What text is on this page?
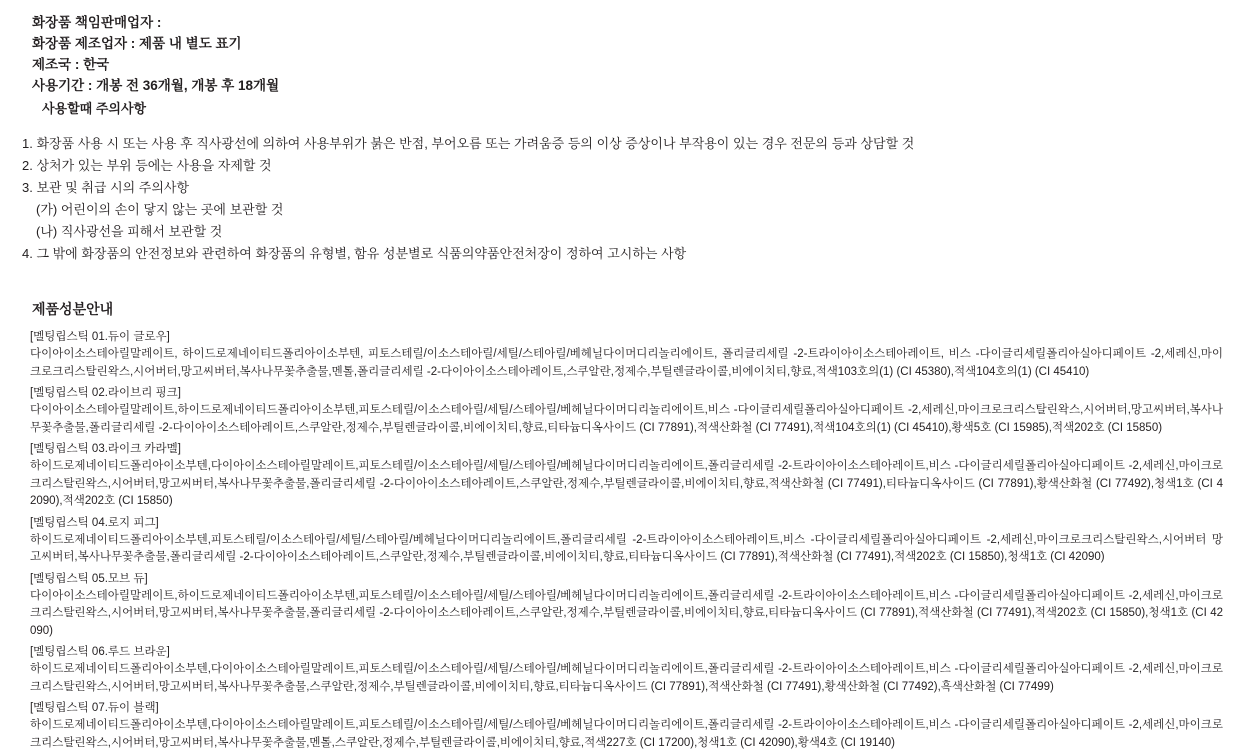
화장품 책임판매업자 :
화장품 제조업자 : 제품 내 별도 표기
제조국 : 한국
사용기간 : 개봉 전 36개월, 개봉 후 18개월
사용할때 주의사항
1. 화장품 사용 시 또는 사용 후 직사광선에 의하여 사용부위가 붉은 반점, 부어오름 또는 가려움증 등의 이상 증상이나 부작용이 있는 경우 전문의 등과 상담할 것
2. 상처가 있는 부위 등에는 사용을 자제할 것
3. 보관 및 취급 시의 주의사항
(가) 어린이의 손이 닿지 않는 곳에 보관할 것
(나) 직사광선을 피해서 보관할 것
4. 그 밖에 화장품의 안전정보와 관련하여 화장품의 유형별, 함유 성분별로 식품의약품안전처장이 정하여 고시하는 사항
제품성분안내
[멜팅립스틱 01.듀이 글로우]
다이아이소스테아릴말레이트, 하이드로제네이티드폴리아이소부텐, 피토스테릴/이소스테아릴/세틸/스테아릴/베헤닐다이머디리놀리에이트, 폴리글리세릴 -2-트라이아이소스테아레이트, 비스 -다이글리세릴폴리아실아디페이트 -2,세레신,마이크로크리스탈린왁스,시어버터,망고씨버터,복사나무꽃추출물,멘톨,폴리글리세릴 -2-다이아이소스테아레이트,스쿠알란,정제수,부틸렌글라이콜,비에이치티,향료,적색103호의(1) (CI 45380),적색104호의(1) (CI 45410)
[멜팅립스틱 02.라이브리 핑크]
다이아이소스테아릴말레이트,하이드로제네이티드폴리아이소부텐,피토스테릴/이소스테아릴/세틸/스테아릴/베헤닐다이머디리놀리에이트,비스 -다이글리세릴폴리아실아디페이트 -2,세레신,마이크로크리스탈린왁스,시어버터,망고씨버터,복사나무꽃추출물,폴리글리세릴 -2-다이아이소스테아레이트,스쿠알란,정제수,부틸렌글라이콜,비에이치티,향료,티타늄디옥사이드 (CI 77891),적색산화철 (CI 77491),적색104호의(1) (CI 45410),황색5호 (CI 15985),적색202호 (CI 15850)
[멜팅립스틱 03.라이크 카라멜]
하이드로제네이티드폴리아이소부텐,다이아이소스테아릴말레이트,피토스테릴/이소스테아릴/세틸/스테아릴/베헤닐다이머디리놀리에이트,폴리글리세릴 -2-트라이아이소스테아레이트,비스 -다이글리세릴폴리아실아디페이트 -2,세레신,마이크로크리스탈린왁스,시어버터,망고씨버터,복사나무꽃추출물,폴리글리세릴 -2-다이아이소스테아레이트,스쿠알란,정제수,부틸렌글라이콜,비에이치티,향료,적색산화철 (CI 77491),티타늄디옥사이드 (CI 77891),황색산화철 (CI 77492),청색1호 (CI 42090),적색202호 (CI 15850)
[멜팅립스틱 04.로지 피그]
하이드로제네이티드폴리아이소부텐,피토스테릴/이소스테아릴/세틸/스테아릴/베헤닐다이머디리놀리에이트,폴리글리세릴 -2-트라이아이소스테아레이트,비스 -다이글리세릴폴리아실아디페이트 -2,세레신,마이크로크리스탈린왁스,시어버터 망고씨버터,복사나무꽃추출물,폴리글리세릴 -2-다이아이소스테아레이트,스쿠알란,정제수,부틸렌글라이콜,비에이치티,향료,티타늄디옥사이드 (CI 77891),적색산화철 (CI 77491),적색202호 (CI 15850),청색1호 (CI 42090)
[멜팅립스틱 05.모브 듀]
다이아이소스테아릴말레이트,하이드로제네이티드폴리아이소부텐,피토스테릴/이소스테아릴/세틸/스테아릴/베헤닐다이머디리놀리에이트,폴리글리세릴 -2-트라이아이소스테아레이트,비스 -다이글리세릴폴리아실아디페이트 -2,세레신,마이크로크리스탈린왁스,시어버터,망고씨버터,복사나무꽃추출물,폴리글리세릴 -2-다이아이소스테아레이트,스쿠알란,정제수,부틸렌글라이콜,비에이치티,향료,티타늄디옥사이드 (CI 77891),적색산화철 (CI 77491),적색202호 (CI 15850),청색1호 (CI 42090)
[멜팅립스틱 06.루드 브라운]
하이드로제네이티드폴리아이소부텐,다이아이소스테아릴말레이트,피토스테릴/이소스테아릴/세틸/스테아릴/베헤닐다이머디리놀리에이트,폴리글리세릴 -2-트라이아이소스테아레이트,비스 -다이글리세릴폴리아실아디페이트 -2,세레신,마이크로크리스탈린왁스,시어버터,망고씨버터,복사나무꽃추출물,스쿠알란,정제수,부틸렌글라이콜,비에이치티,향료,티타늄디옥사이드 (CI 77891),적색산화철 (CI 77491),황색산화철 (CI 77492),흑색산화철 (CI 77499)
[멜팅립스틱 07.듀이 블랙]
하이드로제네이티드폴리아이소부텐,다이아이소스테아릴말레이트,피토스테릴/이소스테아릴/세틸/스테아릴/베헤닐다이머디리놀리에이트,폴리글리세릴 -2-트라이아이소스테아레이트,비스 -다이글리세릴폴리아실아디페이트 -2,세레신,마이크로크리스탈린왁스,시어버터,망고씨버터,복사나무꽃추출물,멘톨,스쿠알란,정제수,부틸렌글라이콜,비에이치티,향료,적색227호 (CI 17200),청색1호 (CI 42090),황색4호 (CI 19140)
